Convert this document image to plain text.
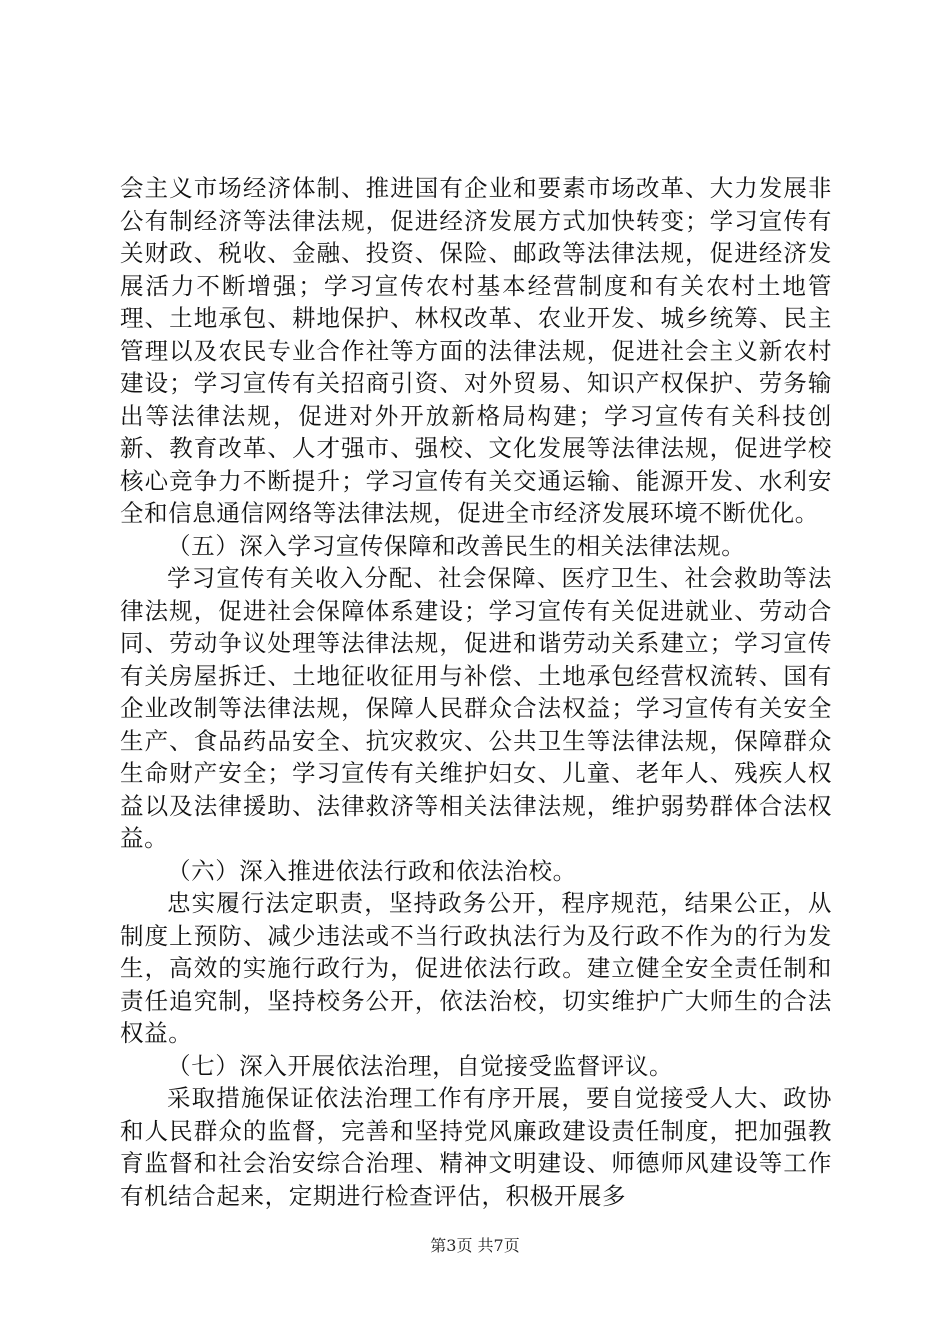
会主义市场经济体制、推进国有企业和要素市场改革、大力发展非公有制经济等法律法规，促进经济发展方式加快转变；学习宣传有关财政、税收、金融、投资、保险、邮政等法律法规，促进经济发展活力不断增强；学习宣传农村基本经营制度和有关农村土地管理、土地承包、耕地保护、林权改革、农业开发、城乡统筹、民主管理以及农民专业合作社等方面的法律法规，促进社会主义新农村建设；学习宣传有关招商引资、对外贸易、知识产权保护、劳务输出等法律法规，促进对外开放新格局构建；学习宣传有关科技创新、教育改革、人才强市、强校、文化发展等法律法规，促进学校核心竞争力不断提升；学习宣传有关交通运输、能源开发、水利安全和信息通信网络等法律法规，促进全市经济发展环境不断优化。

（五）深入学习宣传保障和改善民生的相关法律法规。

学习宣传有关收入分配、社会保障、医疗卫生、社会救助等法律法规，促进社会保障体系建设；学习宣传有关促进就业、劳动合同、劳动争议处理等法律法规，促进和谐劳动关系建立；学习宣传有关房屋拆迁、土地征收征用与补偿、土地承包经营权流转、国有企业改制等法律法规，保障人民群众合法权益；学习宣传有关安全生产、食品药品安全、抗灾救灾、公共卫生等法律法规，保障群众生命财产安全；学习宣传有关维护妇女、儿童、老年人、残疾人权益以及法律援助、法律救济等相关法律法规，维护弱势群体合法权益。

（六）深入推进依法行政和依法治校。

忠实履行法定职责，坚持政务公开，程序规范，结果公正，从制度上预防、减少违法或不当行政执法行为及行政不作为的行为发生，高效的实施行政行为，促进依法行政。建立健全安全责任制和责任追究制，坚持校务公开，依法治校，切实维护广大师生的合法权益。

（七）深入开展依法治理，自觉接受监督评议。

采取措施保证依法治理工作有序开展，要自觉接受人大、政协和人民群众的监督，完善和坚持党风廉政建设责任制度，把加强教育监督和社会治安综合治理、精神文明建设、师德师风建设等工作有机结合起来，定期进行检查评估，积极开展多

第3页 共7页
